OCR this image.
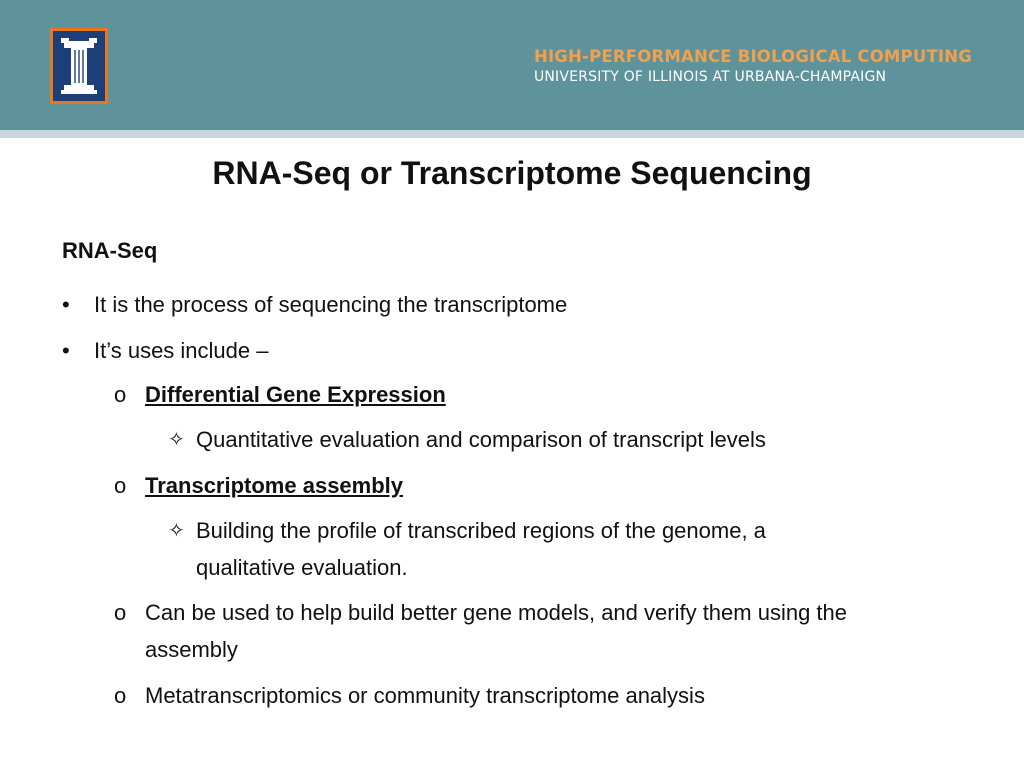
HIGH-PERFORMANCE BIOLOGICAL COMPUTING
UNIVERSITY OF ILLINOIS AT URBANA-CHAMPAIGN
RNA-Seq or Transcriptome Sequencing
RNA-Seq
• It is the process of sequencing the transcriptome
• It’s uses include –
o Differential Gene Expression
✧ Quantitative evaluation and comparison of transcript levels
o Transcriptome assembly
✧ Building the profile of transcribed regions of the genome, a
qualitative evaluation.
o Can be used to help build better gene models, and verify them using the
assembly
o Metatranscriptomics or community transcriptome analysis
